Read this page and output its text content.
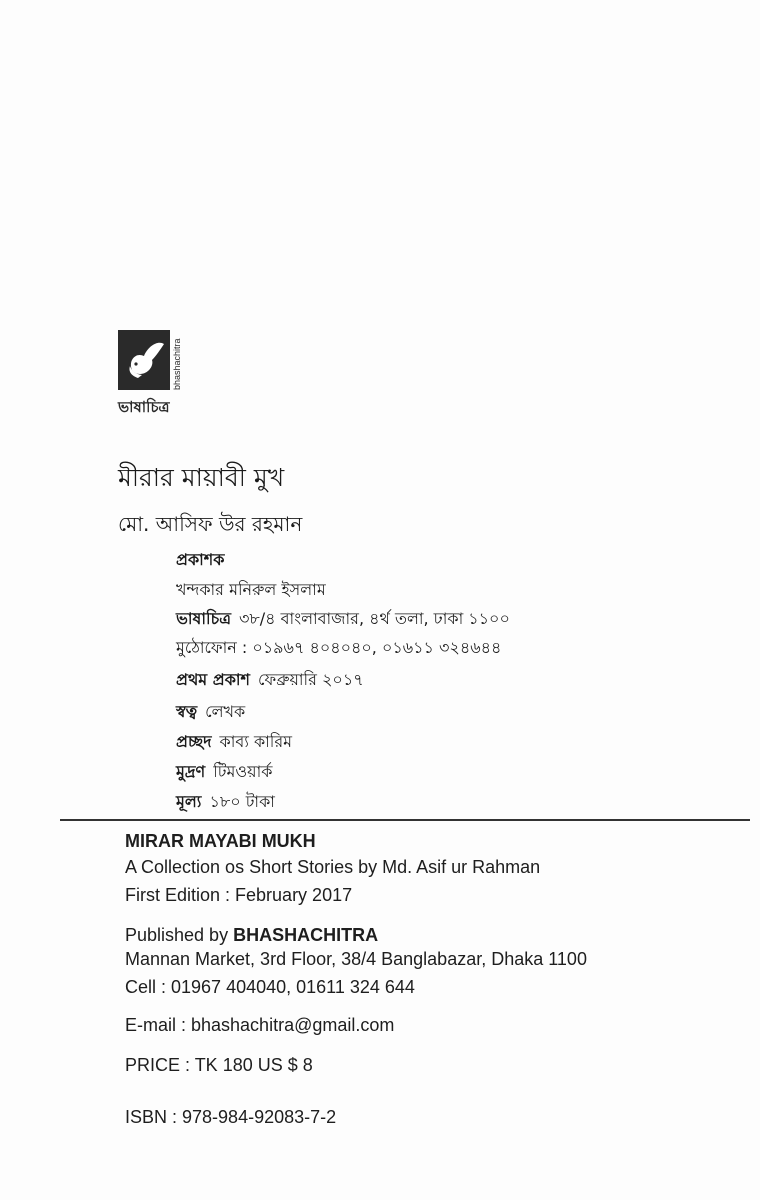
bhashachitra
ভাষাচিত্র
মীরার মায়াবী মুখ
মো. আসিফ উর রহমান
প্রকাশক
খন্দকার মনিরুল ইসলাম
ভাষাচিত্র ৩৮/৪ বাংলাবাজার, ৪র্থ তলা, ঢাকা ১১০০
মুঠোফোন : ০১৯৬৭ ৪০৪০৪০, ০১৬১১ ৩২৪৬৪৪
প্রথম প্রকাশ ফেব্রুয়ারি ২০১৭
স্বত্ব লেখক
প্রচ্ছদ কাব্য কারিম
মুদ্রণ টিমওয়ার্ক
মূল্য ১৮০ টাকা
MIRAR MAYABI MUKH
A Collection os Short Stories by Md. Asif ur Rahman
First Edition : February 2017
Published by BHASHACHITRA
Mannan Market, 3rd Floor, 38/4 Banglabazar, Dhaka 1100
Cell : 01967 404040, 01611 324 644
E-mail : bhashachitra@gmail.com
PRICE : TK 180 US $ 8
ISBN : 978-984-92083-7-2
